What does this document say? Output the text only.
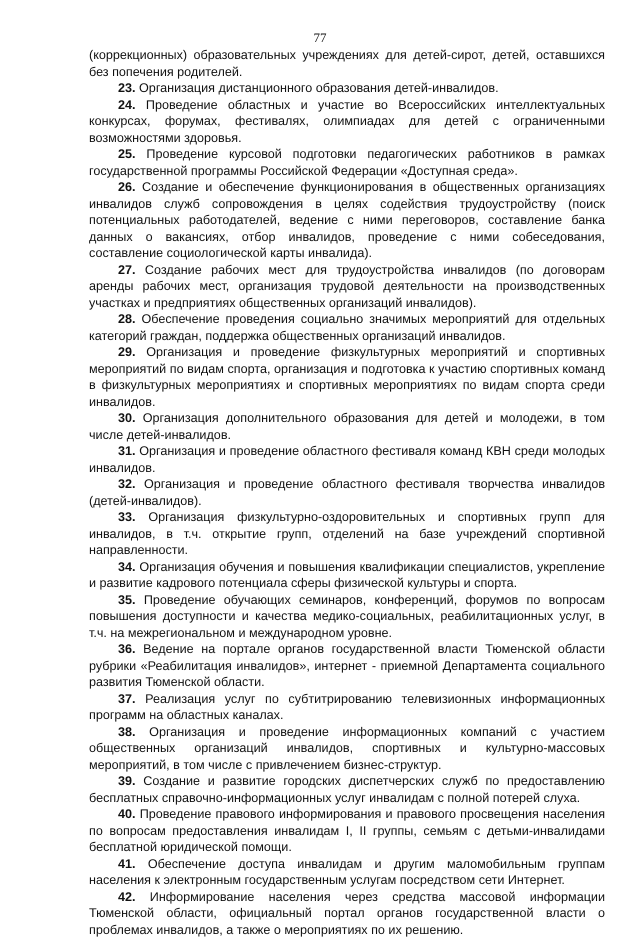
77

(коррекционных) образовательных учреждениях для детей-сирот, детей, оставшихся без попечения родителей.

23. Организация дистанционного образования детей-инвалидов.

24. Проведение областных и участие во Всероссийских интеллектуальных конкурсах, форумах, фестивалях, олимпиадах для детей с ограниченными возможностями здоровья.

25. Проведение курсовой подготовки педагогических работников в рамках государственной программы Российской Федерации «Доступная среда».

26. Создание и обеспечение функционирования в общественных организациях инвалидов служб сопровождения в целях содействия трудоустройству (поиск потенциальных работодателей, ведение с ними переговоров, составление банка данных о вакансиях, отбор инвалидов, проведение с ними собеседования, составление социологической карты инвалида).

27. Создание рабочих мест для трудоустройства инвалидов (по договорам аренды рабочих мест, организация трудовой деятельности на производственных участках и предприятиях общественных организаций инвалидов).

28. Обеспечение проведения социально значимых мероприятий для отдельных категорий граждан, поддержка общественных организаций инвалидов.

29. Организация и проведение физкультурных мероприятий и спортивных мероприятий по видам спорта, организация и подготовка к участию спортивных команд в физкультурных мероприятиях и спортивных мероприятиях по видам спорта среди инвалидов.

30. Организация дополнительного образования для детей и молодежи, в том числе детей-инвалидов.

31. Организация и проведение областного фестиваля команд КВН среди молодых инвалидов.

32. Организация и проведение областного фестиваля творчества инвалидов (детей-инвалидов).

33. Организация физкультурно-оздоровительных и спортивных групп для инвалидов, в т.ч. открытие групп, отделений на базе учреждений спортивной направленности.

34. Организация обучения и повышения квалификации специалистов, укрепление и развитие кадрового потенциала сферы физической культуры и спорта.

35. Проведение обучающих семинаров, конференций, форумов по вопросам повышения доступности и качества медико-социальных, реабилитационных услуг, в т.ч. на межрегиональном и международном уровне.

36. Ведение на портале органов государственной власти Тюменской области рубрики «Реабилитация инвалидов», интернет - приемной Департамента социального развития Тюменской области.

37. Реализация услуг по субтитрированию телевизионных информационных программ на областных каналах.

38. Организация и проведение информационных компаний с участием общественных организаций инвалидов, спортивных и культурно-массовых мероприятий, в том числе с привлечением бизнес-структур.

39. Создание и развитие городских диспетчерских служб по предоставлению бесплатных справочно-информационных услуг инвалидам с полной потерей слуха.

40. Проведение правового информирования и правового просвещения населения по вопросам предоставления инвалидам I, II группы, семьям с детьми-инвалидами бесплатной юридической помощи.

41. Обеспечение доступа инвалидам и другим маломобильным группам населения к электронным государственным услугам посредством сети Интернет.

42. Информирование населения через средства массовой информации Тюменской области, официальный портал органов государственной власти о проблемах инвалидов, а также о мероприятиях по их решению.
